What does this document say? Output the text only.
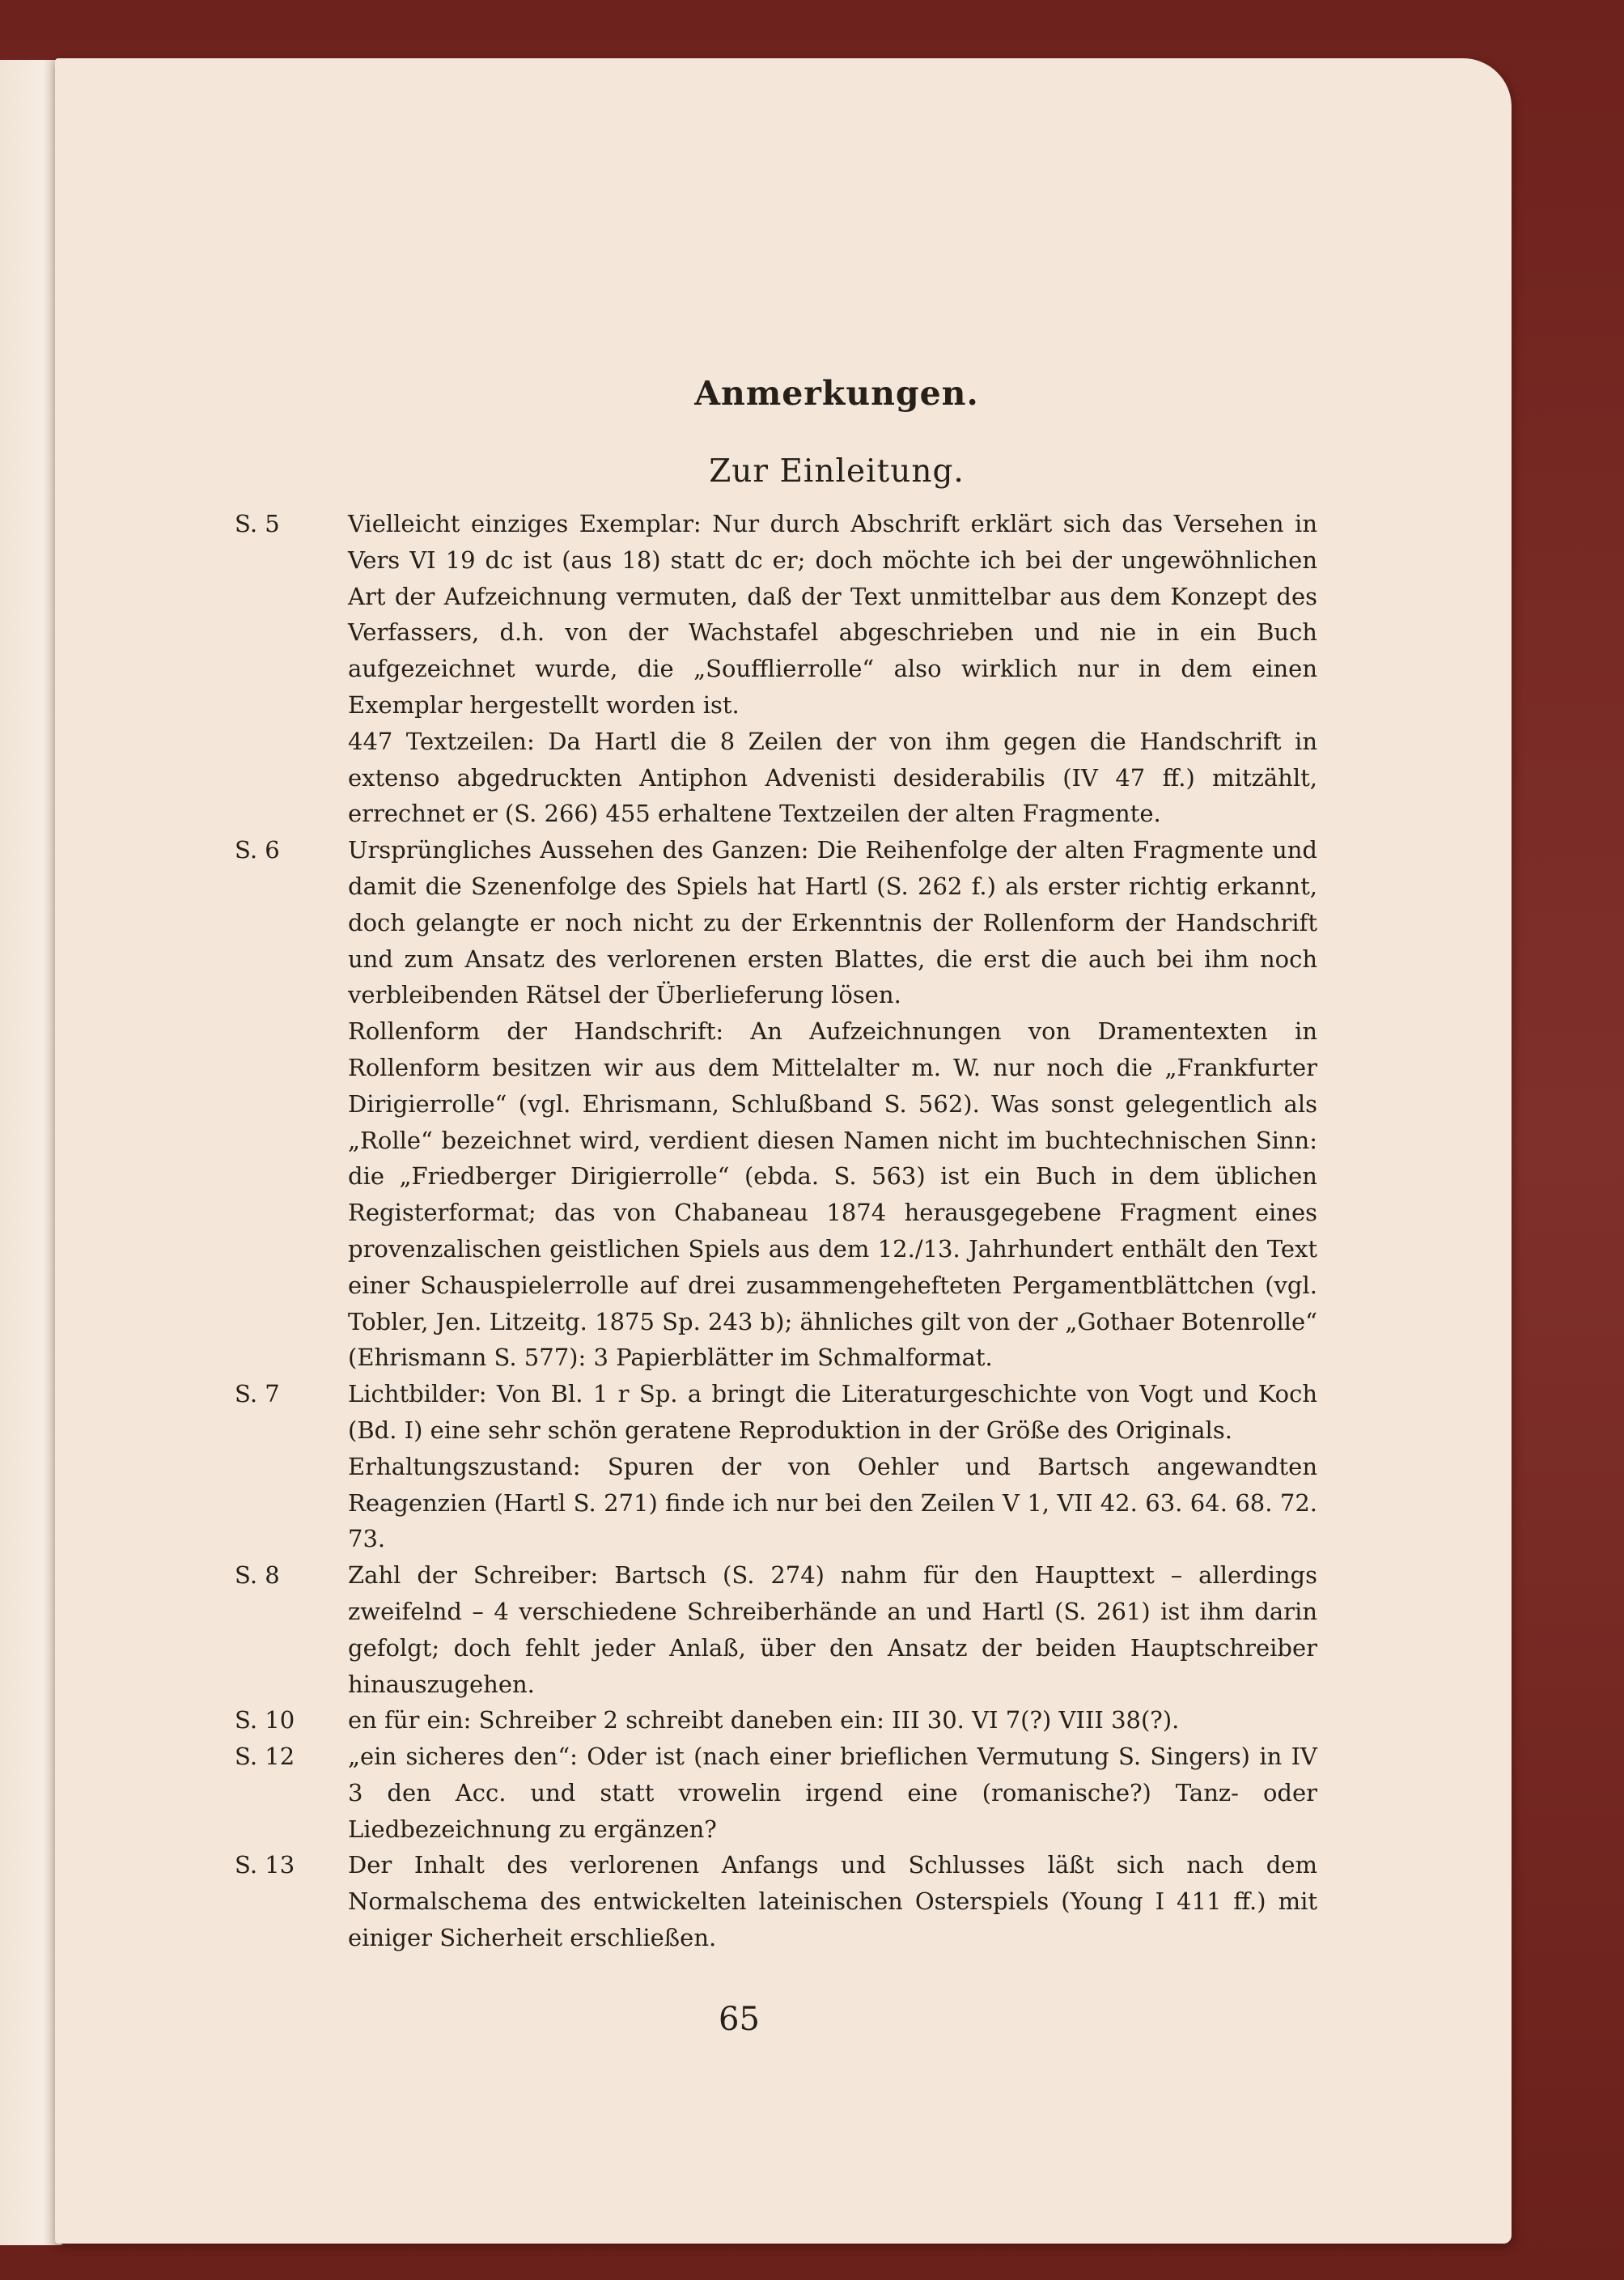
Anmerkungen.
Zur Einleitung.
S. 5	Vielleicht einziges Exemplar: Nur durch Abschrift erklärt sich das Versehen in Vers VI 19 dc ist (aus 18) statt dc er; doch möchte ich bei der ungewöhnlichen Art der Aufzeichnung vermuten, daß der Text unmittelbar aus dem Konzept des Verfassers, d.h. von der Wachstafel abgeschrieben und nie in ein Buch aufgezeichnet wurde, die „Soufflierrolle“ also wirklich nur in dem einen Exemplar hergestellt worden ist.

447 Textzeilen: Da Hartl die 8 Zeilen der von ihm gegen die Handschrift in extenso abgedruckten Antiphon Advenisti desiderabilis (IV 47 ff.) mitzählt, errechnet er (S. 266) 455 erhaltene Textzeilen der alten Fragmente.

S. 6	Ursprüngliches Aussehen des Ganzen: Die Reihenfolge der alten Fragmente und damit die Szenenfolge des Spiels hat Hartl (S. 262 f.) als erster richtig erkannt, doch gelangte er noch nicht zu der Erkenntnis der Rollenform der Handschrift und zum Ansatz des verlorenen ersten Blattes, die erst die auch bei ihm noch verbleibenden Rätsel der Überlieferung lösen.

Rollenform der Handschrift: An Aufzeichnungen von Dramentexten in Rollenform besitzen wir aus dem Mittelalter m. W. nur noch die „Frankfurter Dirigierrolle“ (vgl. Ehrismann, Schlußband S. 562). Was sonst gelegentlich als „Rolle“ bezeichnet wird, verdient diesen Namen nicht im buchtechnischen Sinn: die „Friedberger Dirigierrolle“ (ebda. S. 563) ist ein Buch in dem üblichen Registerformat; das von Chabaneau 1874 herausgegebene Fragment eines provenzalischen geistlichen Spiels aus dem 12./13. Jahrhundert enthält den Text einer Schauspielerrolle auf drei zusammengehefteten Pergamentblättchen (vgl. Tobler, Jen. Litzeitg. 1875 Sp. 243 b); ähnliches gilt von der „Gothaer Botenrolle“ (Ehrismann S. 577): 3 Papierblätter im Schmalformat.

S. 7	Lichtbilder: Von Bl. 1 r Sp. a bringt die Literaturgeschichte von Vogt und Koch (Bd. I) eine sehr schön geratene Reproduktion in der Größe des Originals.

Erhaltungszustand: Spuren der von Oehler und Bartsch angewandten Reagenzien (Hartl S. 271) finde ich nur bei den Zeilen V 1, VII 42. 63. 64. 68. 72. 73.

S. 8	Zahl der Schreiber: Bartsch (S. 274) nahm für den Haupttext – allerdings zweifelnd – 4 verschiedene Schreiberhände an und Hartl (S. 261) ist ihm darin gefolgt; doch fehlt jeder Anlaß, über den Ansatz der beiden Hauptschreiber hinauszugehen.

S. 10	en für ein: Schreiber 2 schreibt daneben ein: III 30. VI 7(?) VIII 38(?).

S. 12	„ein sicheres den“: Oder ist (nach einer brieflichen Vermutung S. Singers) in IV 3 den Acc. und statt vrowelin irgend eine (romanische?) Tanz- oder Liedbezeichnung zu ergänzen?

S. 13	Der Inhalt des verlorenen Anfangs und Schlusses läßt sich nach dem Normalschema des entwickelten lateinischen Osterspiels (Young I 411 ff.) mit einiger Sicherheit erschließen.

65
